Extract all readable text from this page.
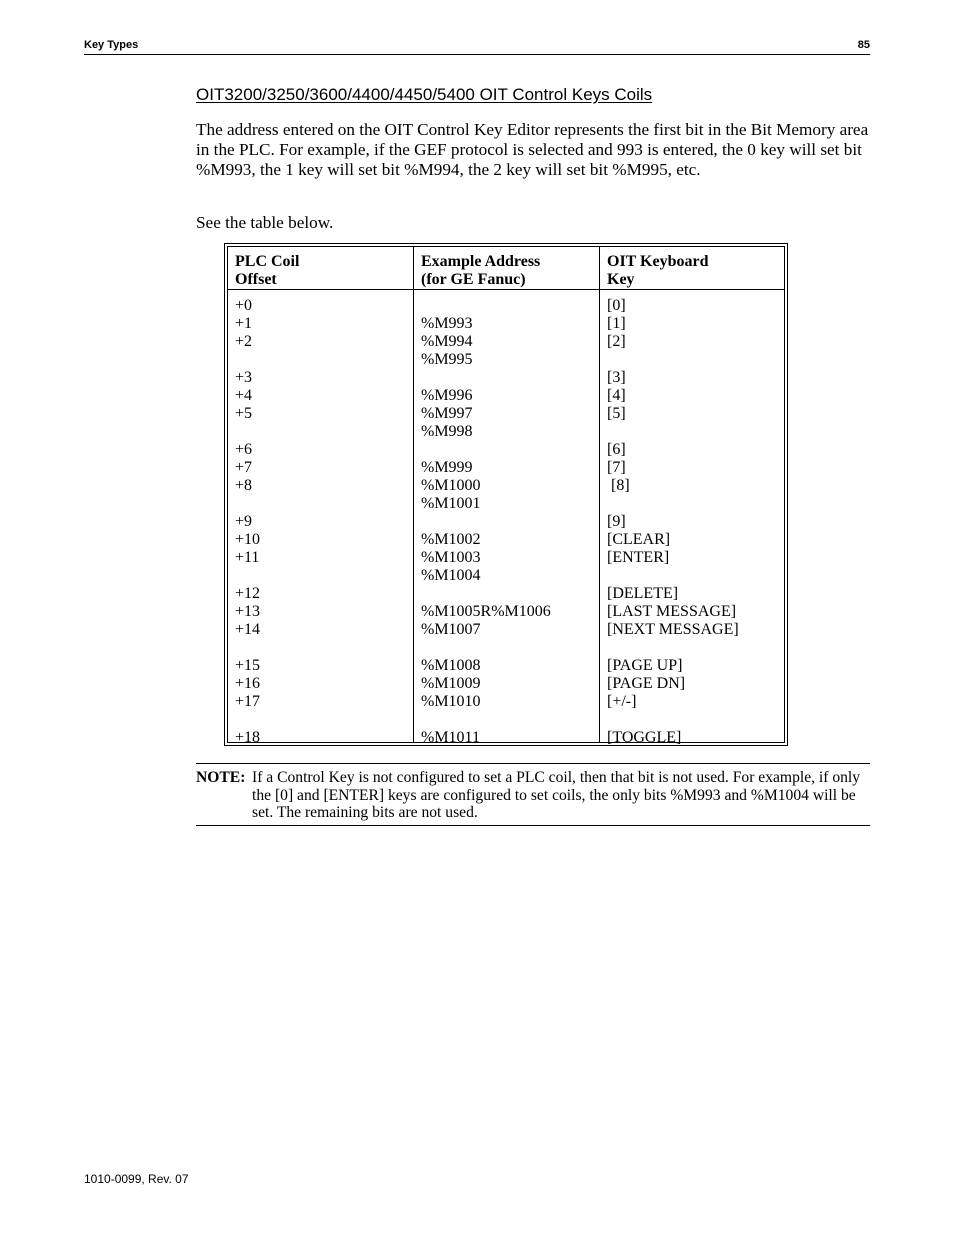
Key Types	85
OIT3200/3250/3600/4400/4450/5400 OIT Control Keys Coils
The address entered on the OIT Control Key Editor represents the first bit in the Bit Memory area in the PLC. For example, if the GEF protocol is selected and 993 is entered, the 0 key will set bit %M993, the 1 key will set bit %M994, the 2 key will set bit %M995, etc.
See the table below.
PLC Coil
Offset
Example Address
(for GE Fanuc)
OIT Keyboard
Key
+0
+1
+2
+3
+4
+5
+6
+7
+8
+9
+10
+11
+12
+13
+14
+15
+16
+17
+18
%M993
%M994
%M995
%M996
%M997
%M998
%M999
%M1000
%M1001
%M1002
%M1003
%M1004
%M1005R%M1006
%M1007
%M1008
%M1009
%M1010
%M1011
[0]
[1]
[2]
[3]
[4]
[5]
[6]
[7]
[8]
[9]
[CLEAR]
[ENTER]
[DELETE]
[LAST MESSAGE]
[NEXT MESSAGE]
[PAGE UP]
[PAGE DN]
[+/-]
[TOGGLE]
NOTE: If a Control Key is not configured to set a PLC coil, then that bit is not used. For example, if only the [0] and [ENTER] keys are configured to set coils, the only bits %M993 and %M1004 will be set. The remaining bits are not used.
1010-0099, Rev. 07
